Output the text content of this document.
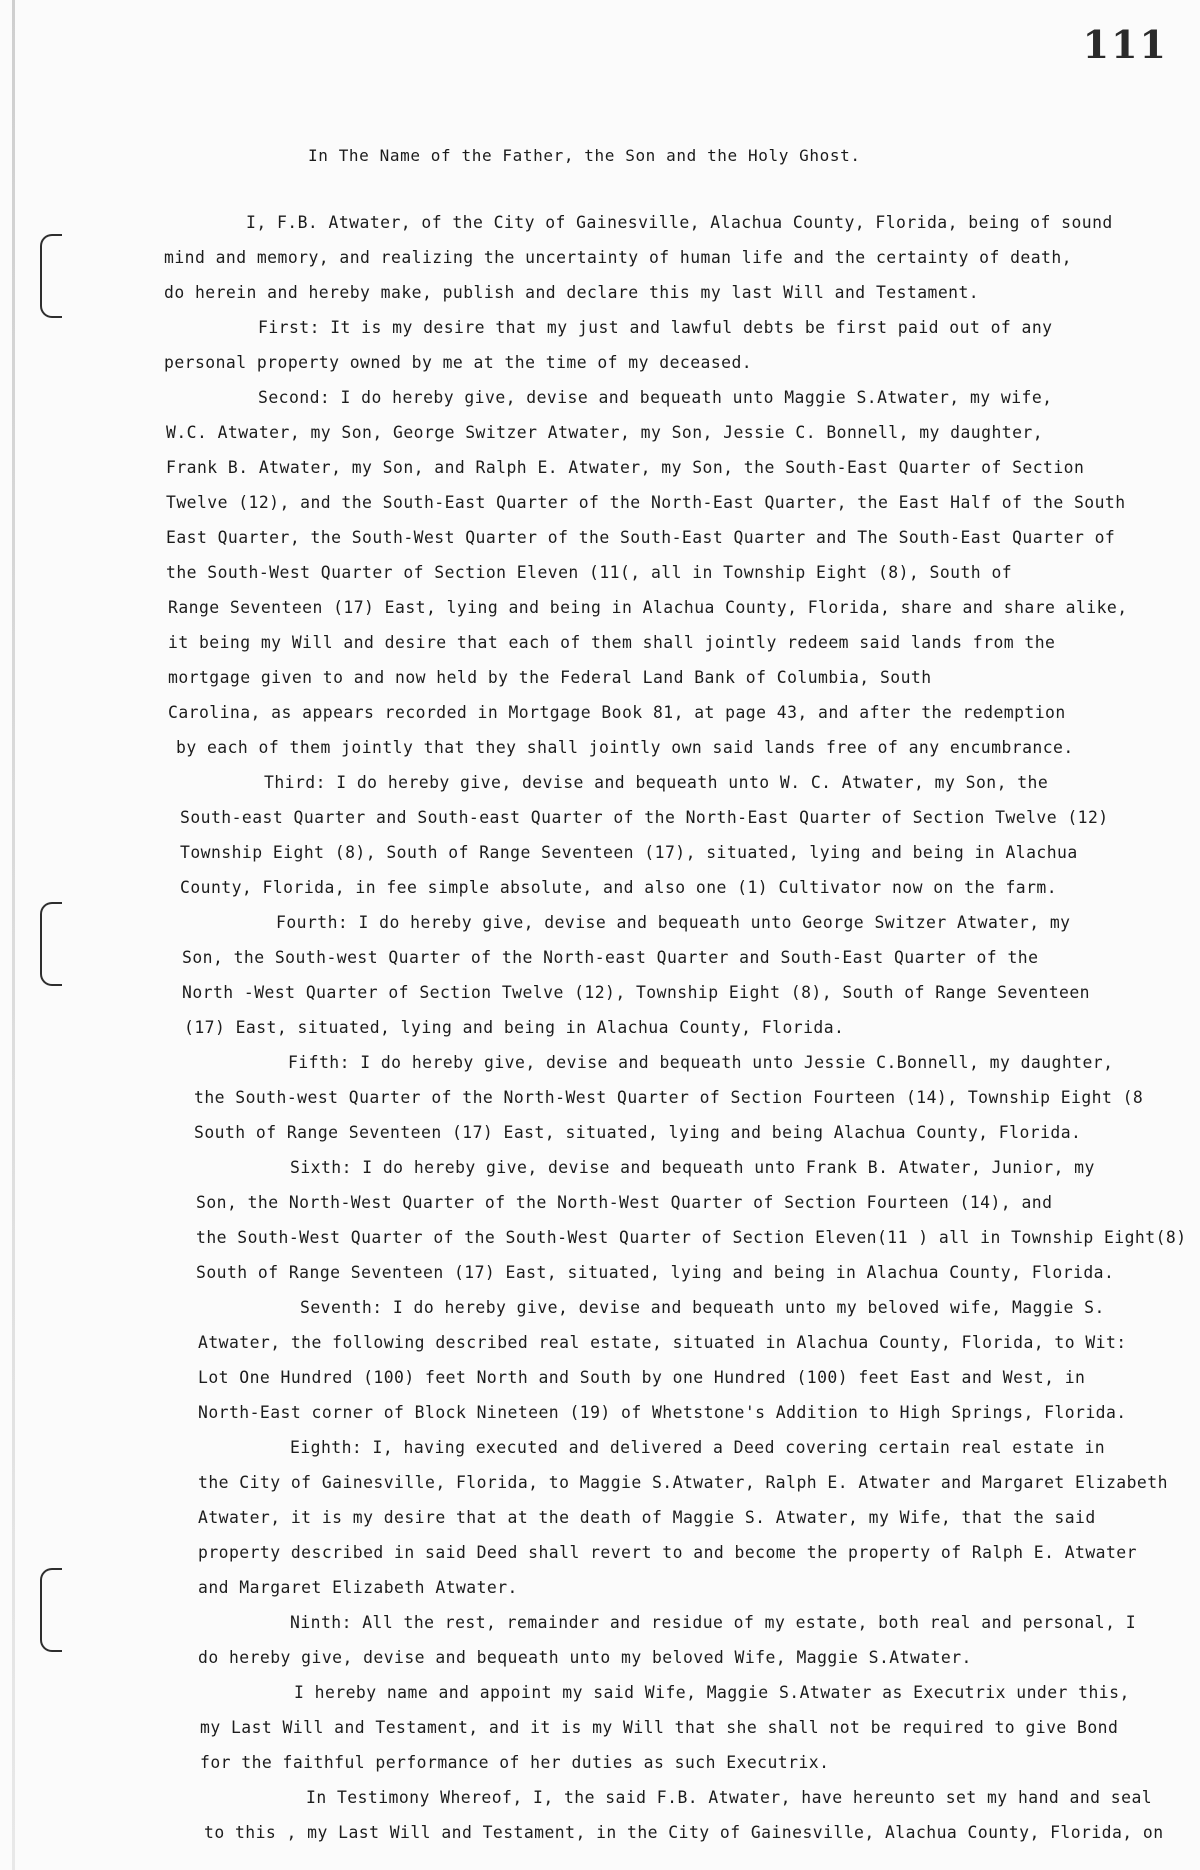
111
In The Name of the Father, the Son and the Holy Ghost.
I, F.B. Atwater, of the City of Gainesville, Alachua County, Florida, being of sound
mind and memory, and realizing the uncertainty of human life and the certainty of death,
do herein and hereby make, publish and declare this my last Will and Testament.
First: It is my desire that my just and lawful debts be first paid out of any
personal property owned by me at the time of my deceased.
Second: I do hereby give, devise and bequeath unto Maggie S.Atwater, my wife,
W.C. Atwater, my Son, George Switzer Atwater, my Son, Jessie C. Bonnell, my daughter,
Frank B. Atwater, my Son, and Ralph E. Atwater, my Son, the South-East Quarter of Section
Twelve (12), and the South-East Quarter of the North-East Quarter, the East Half of the South
East Quarter, the South-West Quarter of the South-East Quarter and The South-East Quarter of
the South-West Quarter of Section Eleven (11(, all in Township Eight (8), South of
Range Seventeen (17) East, lying and being in Alachua County, Florida, share and share alike,
it being my Will and desire that each of them shall jointly redeem said lands from the
mortgage given to and now held by the Federal Land Bank of Columbia, South
Carolina, as appears recorded in Mortgage Book 81, at page 43, and after the redemption
by each of them jointly that they shall jointly own said lands free of any encumbrance.
Third: I do hereby give, devise and bequeath unto W. C. Atwater, my Son, the
South-east Quarter and South-east Quarter of the North-East Quarter of Section Twelve (12)
Township Eight (8), South of Range Seventeen (17), situated, lying and being in Alachua
County, Florida, in fee simple absolute, and also one (1) Cultivator now on the farm.
Fourth: I do hereby give, devise and bequeath unto George Switzer Atwater, my
Son, the South-west Quarter of the North-east Quarter and South-East Quarter of the
North -West Quarter of Section Twelve (12), Township Eight (8), South of Range Seventeen
(17) East, situated, lying and being in Alachua County, Florida.
Fifth: I do hereby give, devise and bequeath unto Jessie C.Bonnell, my daughter,
the South-west Quarter of the North-West Quarter of Section Fourteen (14), Township Eight (8
South of Range Seventeen (17) East, situated, lying and being Alachua County, Florida.
Sixth: I do hereby give, devise and bequeath unto Frank B. Atwater, Junior, my
Son, the North-West Quarter of the North-West Quarter of Section Fourteen (14), and
the South-West Quarter of the South-West Quarter of Section Eleven(11 ) all in Township Eight(8)
South of Range Seventeen (17) East, situated, lying and being in Alachua County, Florida.
Seventh: I do hereby give, devise and bequeath unto my beloved wife, Maggie S.
Atwater, the following described real estate, situated in Alachua County, Florida, to Wit:
Lot One Hundred (100) feet North and South by one Hundred (100) feet East and West, in
North-East corner of Block Nineteen (19) of Whetstone's Addition to High Springs, Florida.
Eighth: I, having executed and delivered a Deed covering certain real estate in
the City of Gainesville, Florida, to Maggie S.Atwater, Ralph E. Atwater and Margaret Elizabeth
Atwater, it is my desire that at the death of Maggie S. Atwater, my Wife, that the said
property described in said Deed shall revert to and become the property of Ralph E. Atwater
and Margaret Elizabeth Atwater.
Ninth: All the rest, remainder and residue of my estate, both real and personal, I
do hereby give, devise and bequeath unto my beloved Wife, Maggie S.Atwater.
I hereby name and appoint my said Wife, Maggie S.Atwater as Executrix under this,
my Last Will and Testament, and it is my Will that she shall not be required to give Bond
for the faithful performance of her duties as such Executrix.
In Testimony Whereof, I, the said F.B. Atwater, have hereunto set my hand and seal
to this , my Last Will and Testament, in the City of Gainesville, Alachua County, Florida, on
